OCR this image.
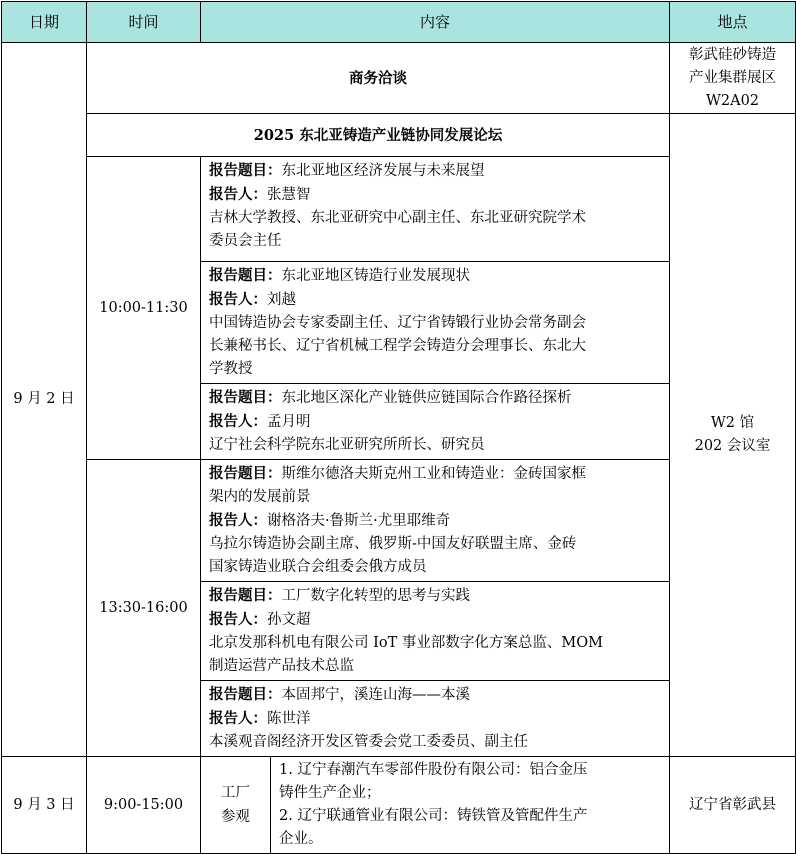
日期	时间	内容		地点
9 月 2 日	商务洽谈			彰武硅砂铸造
产业集群展区
W2A02

	2025 东北亚铸造产业链协同发展论坛			W2 馆
202 会议室

	10:00-11:30	报告题目：东北亚地区经济发展与未来展望
报告人：张慧智
吉林大学教授、东北亚研究中心副主任、东北亚研究院学术
委员会主任		

		报告题目：东北亚地区铸造行业发展现状
报告人：刘越
中国铸造协会专家委副主任、辽宁省铸锻行业协会常务副会
长兼秘书长、辽宁省机械工程学会铸造分会理事长、东北大
学教授		

		报告题目：东北地区深化产业链供应链国际合作路径探析
报告人：孟月明
辽宁社会科学院东北亚研究所所长、研究员		

	13:30-16:00	报告题目：斯维尔德洛夫斯克州工业和铸造业：金砖国家框
架内的发展前景
报告人：谢格洛夫·鲁斯兰·尤里耶维奇
乌拉尔铸造协会副主席、俄罗斯-中国友好联盟主席、金砖
国家铸造业联合会组委会俄方成员		

		报告题目：工厂数字化转型的思考与实践
报告人：孙文超
北京发那科机电有限公司 IoT 事业部数字化方案总监、MOM
制造运营产品技术总监		

		报告题目：本固邦宁，溪连山海——本溪
报告人：陈世洋
本溪观音阁经济开发区管委会党工委委员、副主任		

9 月 3 日	9:00-15:00	工厂
参观	1. 辽宁春潮汽车零部件股份有限公司：铝合金压
铸件生产企业；
2. 辽宁联通管业有限公司：铸铁管及管配件生产
企业。	辽宁省彰武县
